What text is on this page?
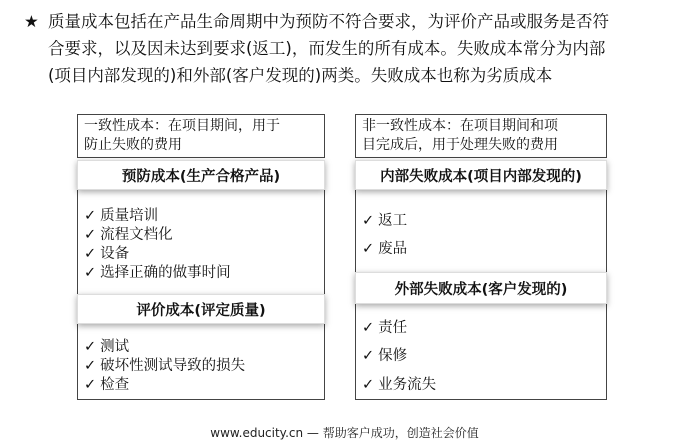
★ 质量成本包括在产品生命周期中为预防不符合要求，为评价产品或服务是否符
合要求，以及因未达到要求(返工)，而发生的所有成本。失败成本常分为内部
(项目内部发现的)和外部(客户发现的)两类。失败成本也称为劣质成本
一致性成本：在项目期间，用于
防止失败的费用
✓ 质量培训
✓ 流程文档化
✓ 设备
✓ 选择正确的做事时间
预防成本(生产合格产品)
✓ 测试
✓ 破坏性测试导致的损失
✓ 检查
评价成本(评定质量)
非一致性成本：在项目期间和项
目完成后，用于处理失败的费用
✓ 返工
✓ 废品
内部失败成本(项目内部发现的)
✓ 责任
✓ 保修
✓ 业务流失
外部失败成本(客户发现的)
www.educity.cn — 帮助客户成功，创造社会价值
